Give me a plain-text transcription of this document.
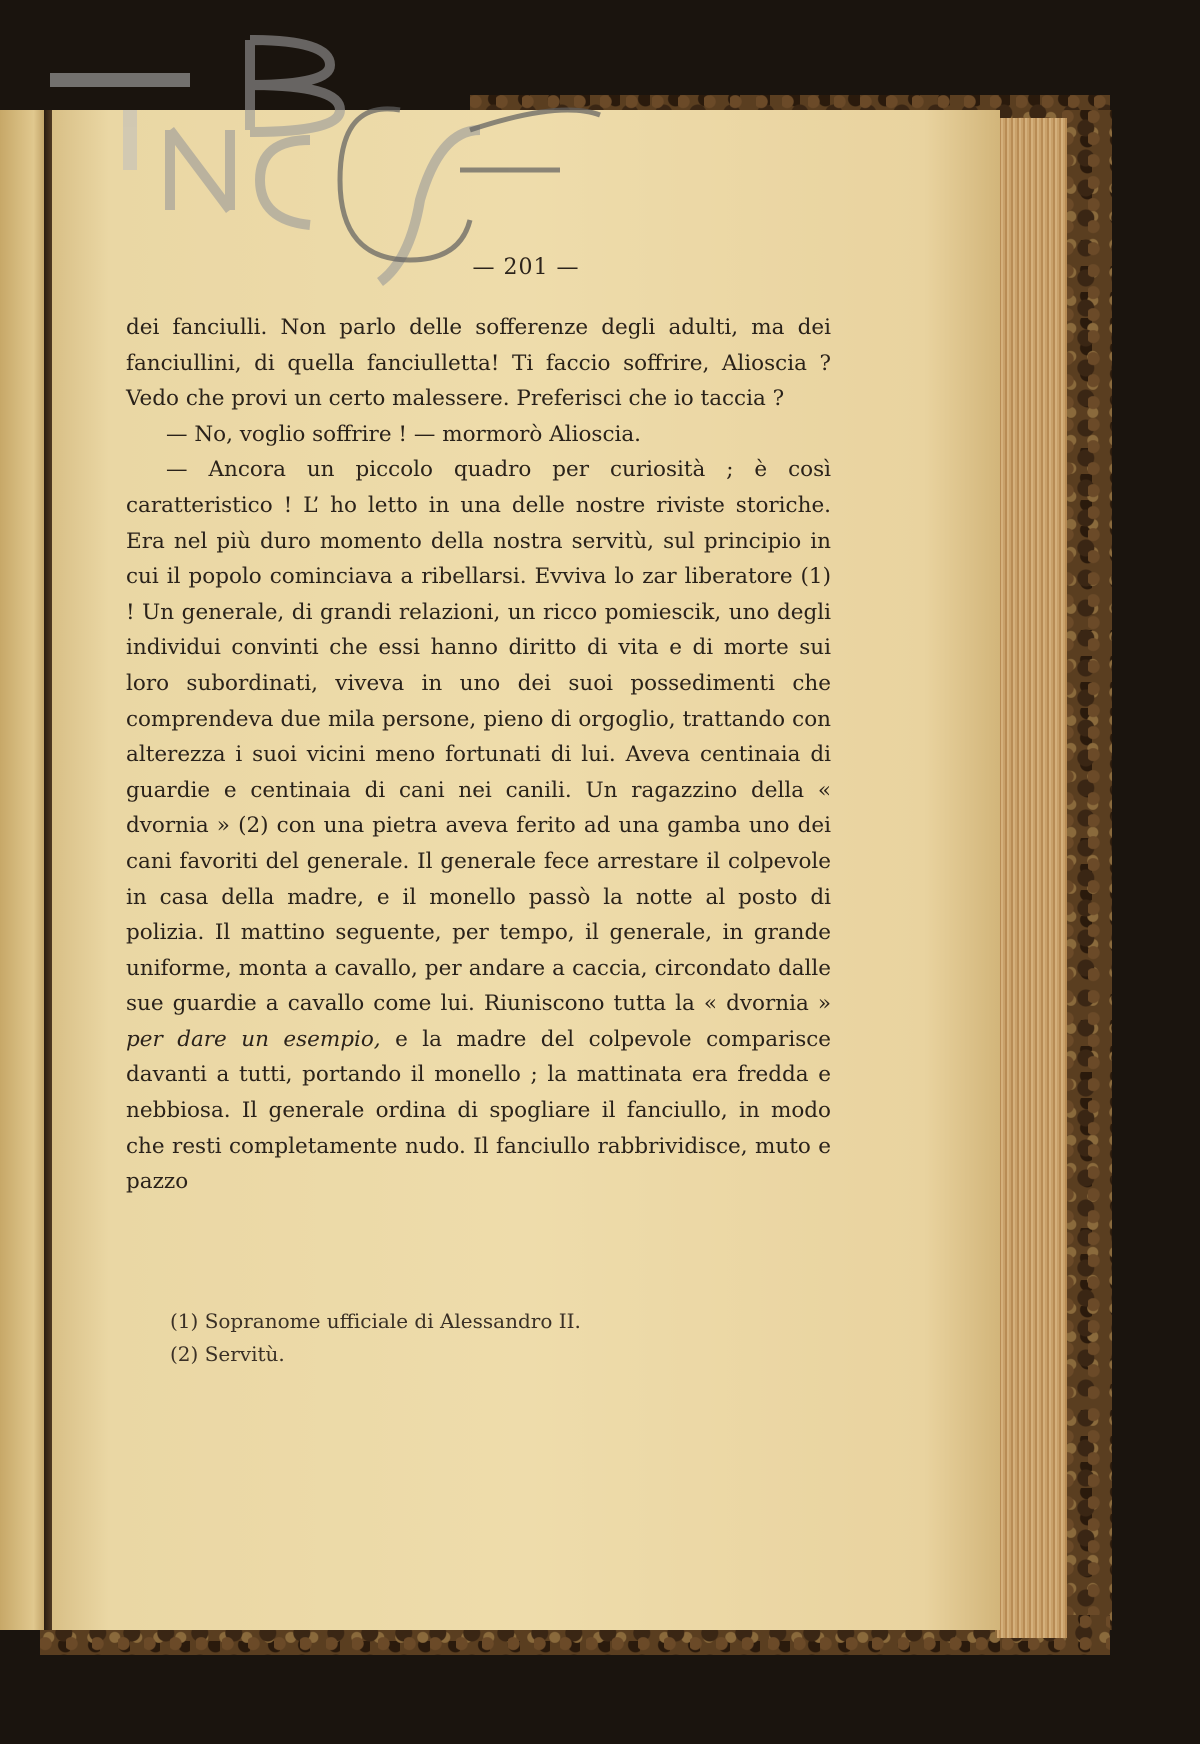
— 201 —

dei fanciulli. Non parlo delle sofferenze degli adulti, ma dei fanciullini, di quella fanciulletta! Ti faccio soffrire, Alioscia ? Vedo che provi un certo malessere. Preferisci che io taccia ?

— No, voglio soffrire ! — mormorò Alioscia.

— Ancora un piccolo quadro per curiosità ; è così caratteristico ! L’ ho letto in una delle nostre riviste storiche. Era nel più duro momento della nostra servitù, sul principio in cui il popolo cominciava a ribellarsi. Evviva lo zar liberatore (1) ! Un generale, di grandi relazioni, un ricco pomiescik, uno degli individui convinti che essi hanno diritto di vita e di morte sui loro subordinati, viveva in uno dei suoi possedimenti che comprendeva due mila persone, pieno di orgoglio, trattando con alterezza i suoi vicini meno fortunati di lui. Aveva centinaia di guardie e centinaia di cani nei canili. Un ragazzino della « dvornia » (2) con una pietra aveva ferito ad una gamba uno dei cani favoriti del generale. Il generale fece arrestare il colpevole in casa della madre, e il monello passò la notte al posto di polizia. Il mattino seguente, per tempo, il generale, in grande uniforme, monta a cavallo, per andare a caccia, circondato dalle sue guardie a cavallo come lui. Riuniscono tutta la « dvornia » per dare un esempio, e la madre del colpevole comparisce davanti a tutti, portando il monello ; la mattinata era fredda e nebbiosa. Il generale ordina di spogliare il fanciullo, in modo che resti completamente nudo. Il fanciullo rabbrividisce, muto e pazzo

(1) Sopranome ufficiale di Alessandro II.
(2) Servitù.
